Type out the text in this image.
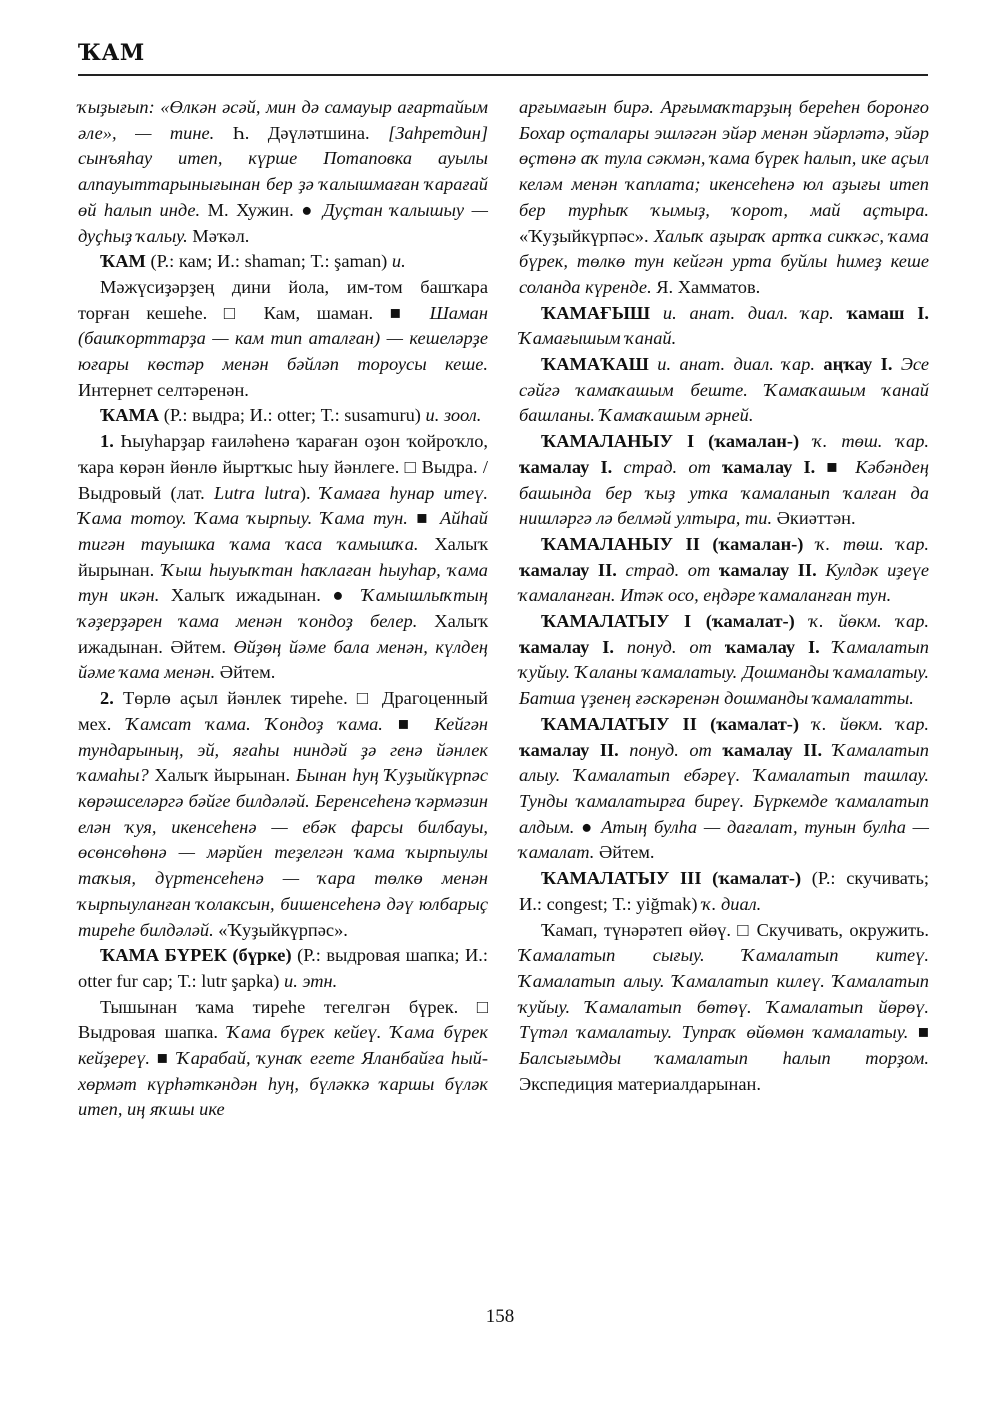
ҠАМ

ҡыҙығып: «Өлкән әсәй, мин дә самауыр ағартайым әле», — тине. Һ. Дәүләтшина. [Заһретдин] сынъяһау итеп, күрше Потаповка ауылы алпауыттарынығынан бер ҙә ҡалышмаған ҡарағай өй һалып инде. М. Хужин. ● Дуҫтан ҡалышыу — дуҫһыҙ ҡалыу. Мәҡәл.

ҠАМ (Р.: кам; И.: shaman; Т.: şaman) и.

Мәжүсиҙәрҙең дини йола, им-том башҡара торған кешеһе. □ Кам, шаман. ■ Шаман (башҡорттарҙа — кам тип аталған) — кешеләрҙе юғары көстәр менән бәйләп тороусы кеше. Интернет селтәренән.

ҠАМА (Р.: выдра; И.: otter; Т.: susamuru) и. зоол.

1. Һыуһарҙар ғаиләһенә ҡараған оҙон ҡойроҡло, ҡара көрән йөнлө йыртҡыс һыу йәнлеге. □ Выдра. / Выдровый (лат. Lutra lutra). Ҡамаға һунар итеү. Ҡама тотоу. Ҡама ҡырпыу. Ҡама тун. ■ Айһай тигән тауышка ҡама ҡаса ҡамышҡа. Халыҡ йырынан. Ҡыш һыуыҡтан һаҡлаған һыуһар, ҡама тун икән. Халыҡ ижадынан. ● Ҡамышлыҡтың ҡәҙерҙәрен ҡама менән ҡондоҙ белер. Халыҡ ижадынан. Әйтем. Өйҙөң йәме бала менән, күлдең йәме ҡама менән. Әйтем.

2. Төрлө аҫыл йәнлек тиреһе. □ Драгоценный мех. Ҡамсат ҡама. Ҡондоҙ ҡама. ■ Кейгән тундарының, эй, яғаһы ниндәй ҙә генә йәнлек ҡамаһы? Халыҡ йырынан. Бынан һуң Ҡуҙыйкүрпәс көрәшселәргә бәйге билдәләй. Беренсеһенә ҡәрмәзин елән ҡуя, икенсеһенә — ебәк фарсы билбауы, өсөнсөһөнә — мәрйен теҙелгән ҡама ҡырпыулы таҡыя, дүртенсеһенә — ҡара төлкө менән ҡырпыуланған ҡолаксын, бишенсеһенә дәү юлбарыҫ тиреһе билдәләй. «Ҡуҙыйкүрпәс».

ҠАМА БҮРЕК (бүрке) (Р.: выдровая шапка; И.: otter fur cap; Т.: lutr şapka) и. этн.

Тышынан ҡама тиреһе тегелгән бүрек. □ Выдровая шапка. Ҡама бүрек кейеү. Ҡама бүрек кейҙереү. ■ Ҡарабай, ҡунаҡ егете Яланбайға һый-хөрмәт күрһәткәндән һуң, бүләккә ҡаршы бүләк итеп, иң яҡшы ике

арғымағын бирә. Арғымаҡтарҙың береһен боронғо Бохар оҫталары эшләгән эйәр менән эйәрләтә, эйәр өҫтөнә аҡ тула сәкмән, ҡама бүрек һалып, ике аҫыл келәм менән ҡаплата; икенсеһенә юл аҙығы итеп бер турһыҡ ҡымыҙ, ҡорот, май аҫтыра. «Ҡуҙыйкүрпәс». Халыҡ аҙыраҡ артҡа сикҡәс, ҡама бүрек, төлкө тун кейгән урта буйлы һимеҙ кеше соланда күренде. Я. Хамматов.

ҠАМАҒЫШ и. анат. диал. ҡар. ҡамаш I. Ҡамағышым ҡанай.

ҠАМАҠАШ и. анат. диал. ҡар. аңҡау I. Эсе сәйгә ҡамаҡашым беште. Ҡамаҡашым ҡанай башланы. Ҡамаҡашым әрней.

ҠАМАЛАНЫУ I (ҡамалан-) ҡ. төш. ҡар. ҡамалау I. страд. от ҡамалау I. ■ Кәбәндең башында бер ҡыҙ утка ҡамаланып ҡалған да нишләргә лә белмәй ултыра, ти. Әкиәттән.

ҠАМАЛАНЫУ II (ҡамалан-) ҡ. төш. ҡар. ҡамалау II. страд. от ҡамалау II. Кулдәк иҙеүе ҡамаланған. Итәк осо, еңдәре ҡамаланған тун.

ҠАМАЛАТЫУ I (ҡамалат-) ҡ. йөкм. ҡар. ҡамалау I. понуд. от ҡамалау I. Ҡамалатып ҡуйыу. Ҡаланы ҡамалатыу. Дошманды ҡамалатыу. Батша үҙенең ғәскәренән дошманды ҡамалатты.

ҠАМАЛАТЫУ II (ҡамалат-) ҡ. йөкм. ҡар. ҡамалау II. понуд. от ҡамалау II. Ҡамалатып алыу. Ҡамалатып ебәреү. Ҡамалатып ташлау. Тунды ҡамалатырға биреү. Бүркемде ҡамалатып алдым. ● Атың булһа — дағалат, тунын булһа — ҡамалат. Әйтем.

ҠАМАЛАТЫУ III (ҡамалат-) (Р.: скучивать; И.: congest; Т.: yiğmak) ҡ. диал.

Ҡамап, түнәрәтеп өйөү. □ Скучивать, окружить. Ҡамалатып сығыу. Ҡамалатып китеү. Ҡамалатып алыу. Ҡамалатып килеү. Ҡамалатып ҡуйыу. Ҡамалатып бөтөү. Ҡамалатып йөрөү. Түтәл ҡамалатыу. Тупраҡ өйөмөн ҡамалатыу. ■ Балсығымды ҡамалатып һалып торҙом. Экспедиция материалдарынан.

158
